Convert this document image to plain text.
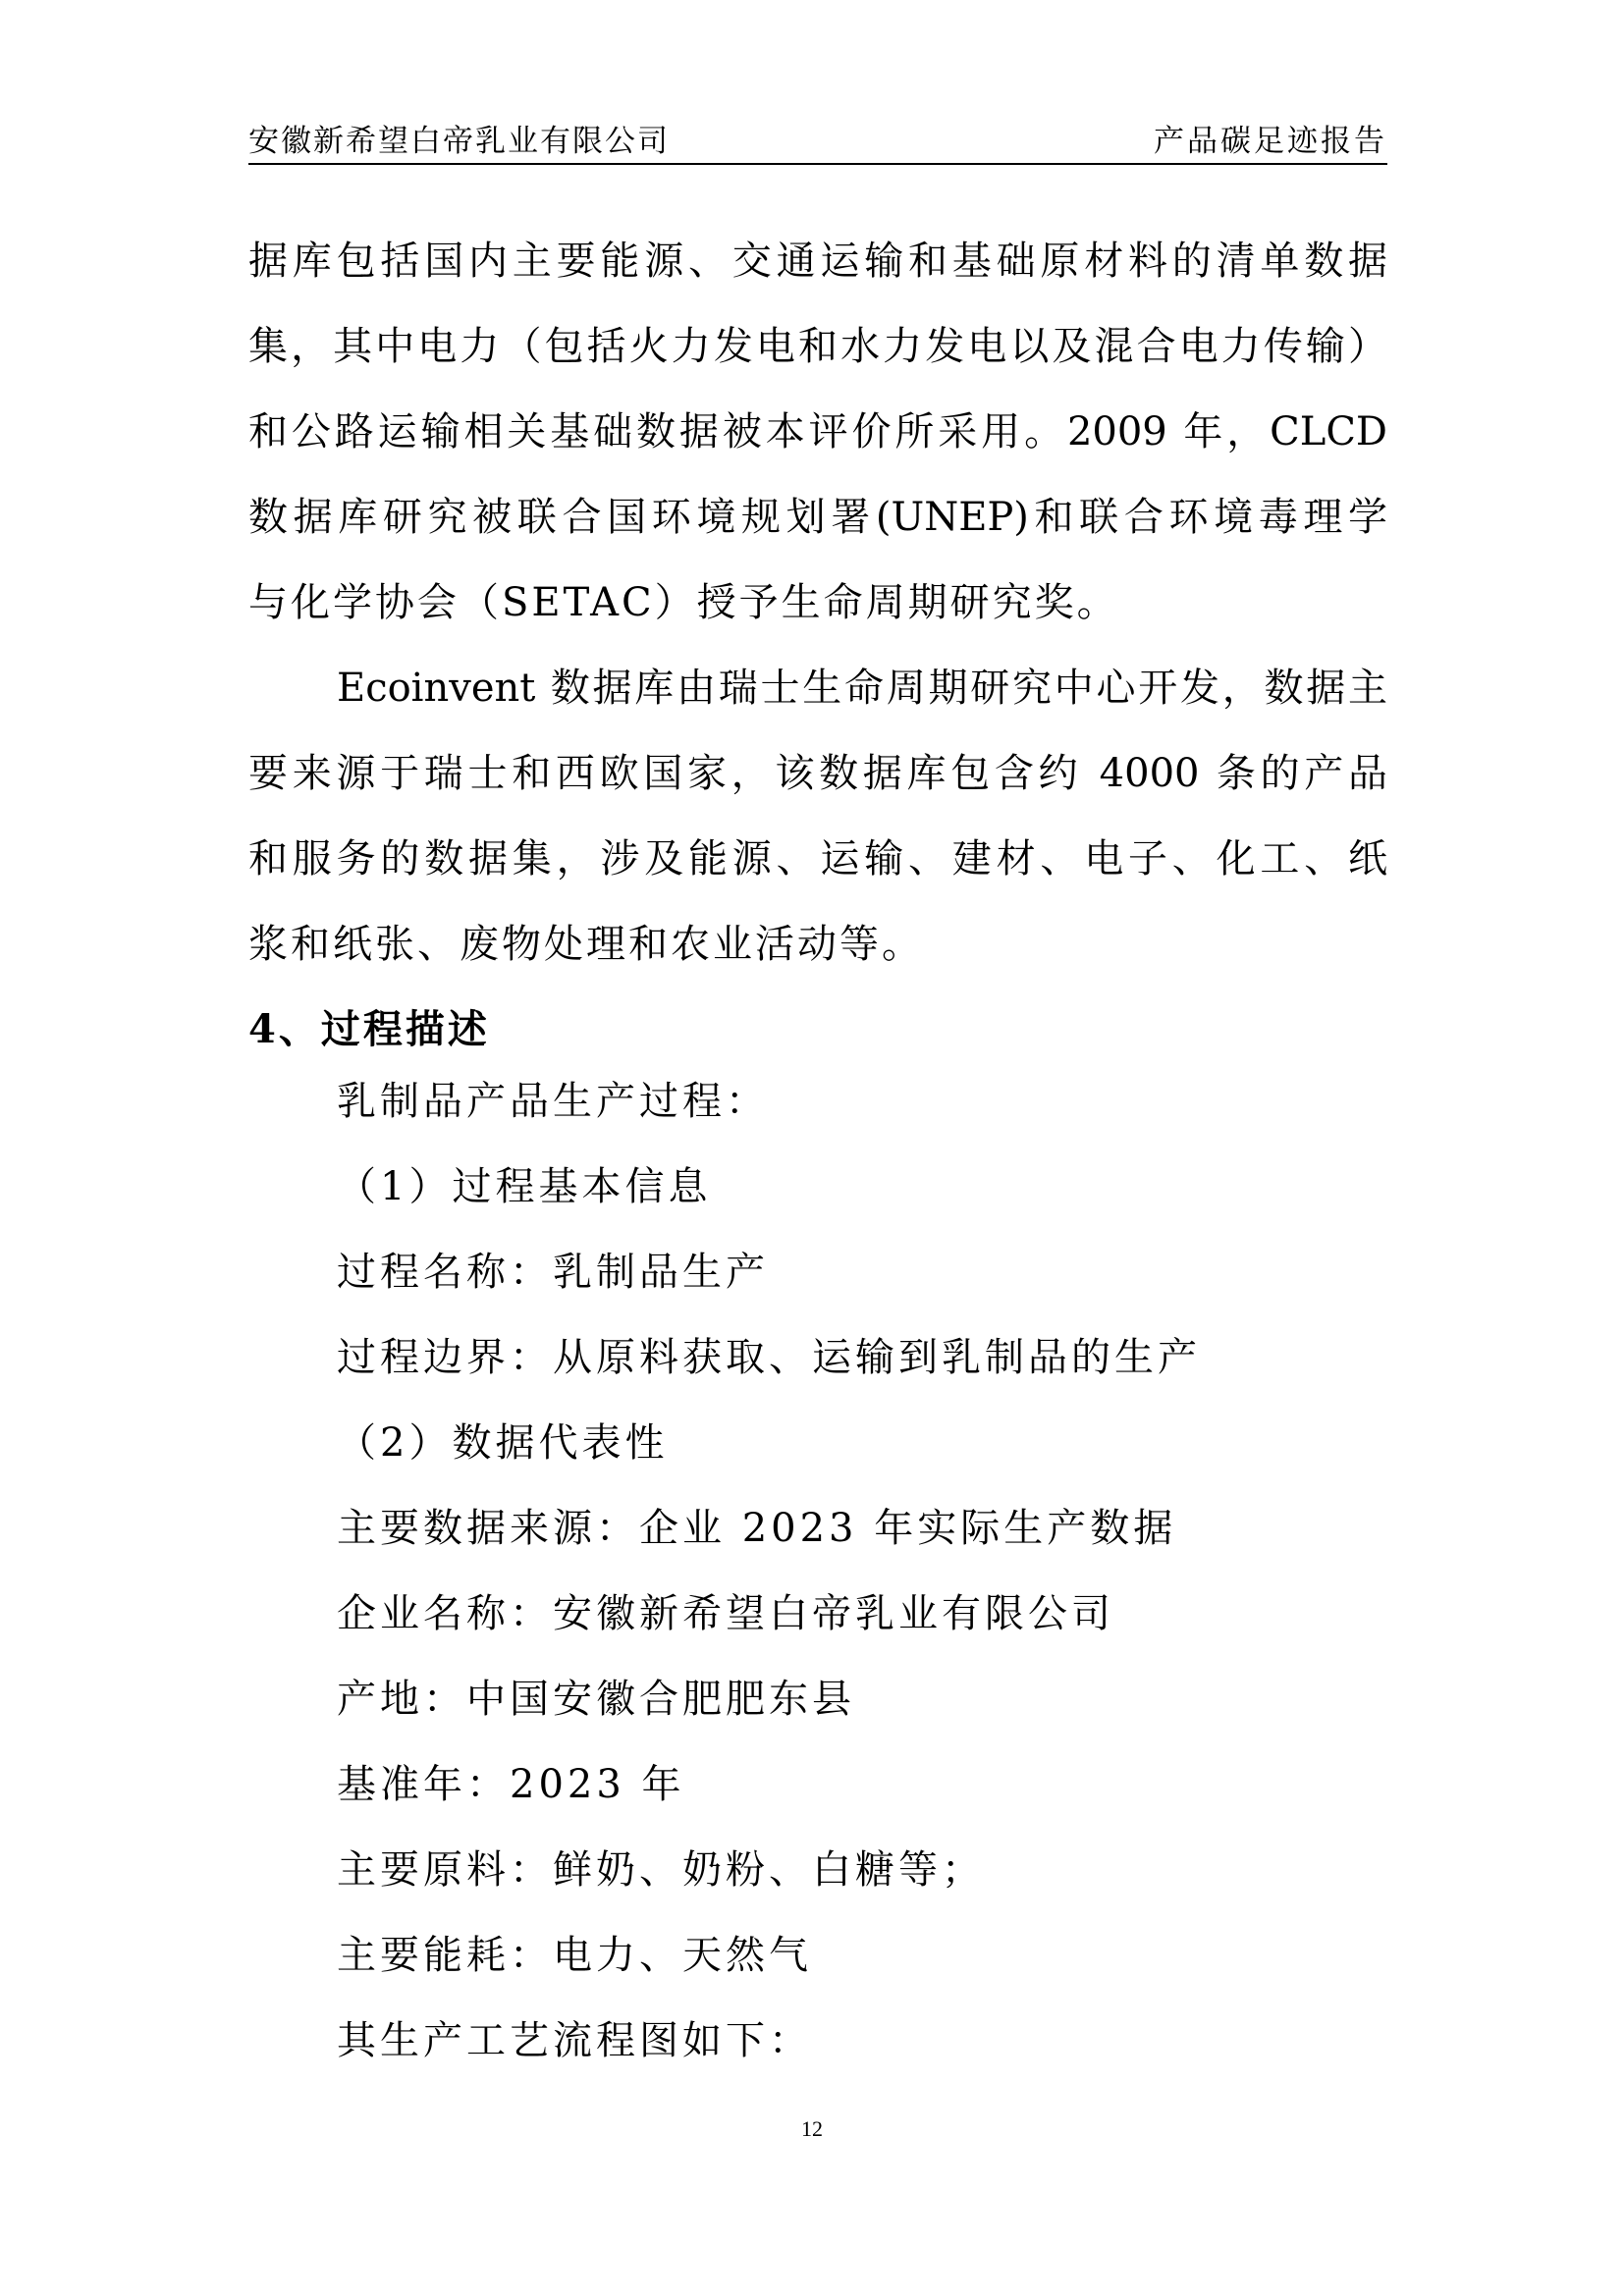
安徽新希望白帝乳业有限公司	产品碳足迹报告
据库包括国内主要能源、交通运输和基础原材料的清单数据
集，其中电力（包括火力发电和水力发电以及混合电力传输）
和公路运输相关基础数据被本评价所采用。2009 年，CLCD
数据库研究被联合国环境规划署(UNEP)和联合环境毒理学
与化学协会（SETAC）授予生命周期研究奖。
Ecoinvent 数据库由瑞士生命周期研究中心开发，数据主
要来源于瑞士和西欧国家，该数据库包含约 4000 条的产品
和服务的数据集，涉及能源、运输、建材、电子、化工、纸
浆和纸张、废物处理和农业活动等。
4、过程描述
乳制品产品生产过程：
（1）过程基本信息
过程名称：乳制品生产
过程边界：从原料获取、运输到乳制品的生产
（2）数据代表性
主要数据来源：企业 2023 年实际生产数据
企业名称：安徽新希望白帝乳业有限公司
产地：中国安徽合肥肥东县
基准年：2023 年
主要原料：鲜奶、奶粉、白糖等；
主要能耗：电力、天然气
其生产工艺流程图如下：
12
